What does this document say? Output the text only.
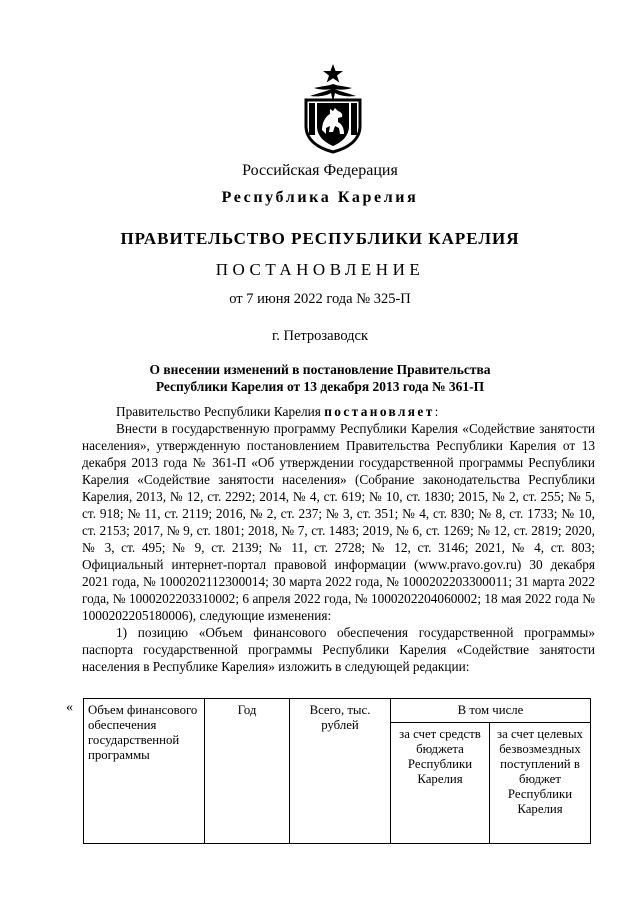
Российская Федерация
Республика Карелия
ПРАВИТЕЛЬСТВО РЕСПУБЛИКИ КАРЕЛИЯ
ПОСТАНОВЛЕНИЕ
от 7 июня 2022 года № 325-П
г. Петрозаводск
О внесении изменений в постановление Правительства
Республики Карелия от 13 декабря 2013 года № 361-П

Правительство Республики Карелия постановляет:

Внести в государственную программу Республики Карелия «Содействие занятости населения», утвержденную постановлением Правительства Республики Карелия от 13 декабря 2013 года № 361-П «Об утверждении государственной программы Республики Карелия «Содействие занятости населения» (Собрание законодательства Республики Карелия, 2013, № 12, ст. 2292; 2014, № 4, ст. 619; № 10, ст. 1830; 2015, № 2, ст. 255; № 5, ст. 918; № 11, ст. 2119; 2016, № 2, ст. 237; № 3, ст. 351; № 4, ст. 830; № 8, ст. 1733; № 10, ст. 2153; 2017, № 9, ст. 1801; 2018, № 7, ст. 1483; 2019, № 6, ст. 1269; № 12, ст. 2819; 2020, № 3, ст. 495; № 9, ст. 2139; № 11, ст. 2728; № 12, ст. 3146; 2021, № 4, ст. 803; Официальный интернет-портал правовой информации (www.pravo.gov.ru) 30 декабря 2021 года, № 1000202112300014; 30 марта 2022 года, № 1000202203300011; 31 марта 2022 года, № 1000202203310002; 6 апреля 2022 года, № 1000202204060002; 18 мая 2022 года № 1000202205180006), следующие изменения:

1) позицию «Объем финансового обеспечения государственной программы» паспорта государственной программы Республики Карелия «Содействие занятости населения в Республике Карелия» изложить в следующей редакции:

« Объем финансового обеспечения государственной программы	Год	Всего, тыс. рублей	В том числе	
			за счет средств бюджета Республики Карелия	за счет целевых безвозмездных поступлений в бюджет Республики Карелия
